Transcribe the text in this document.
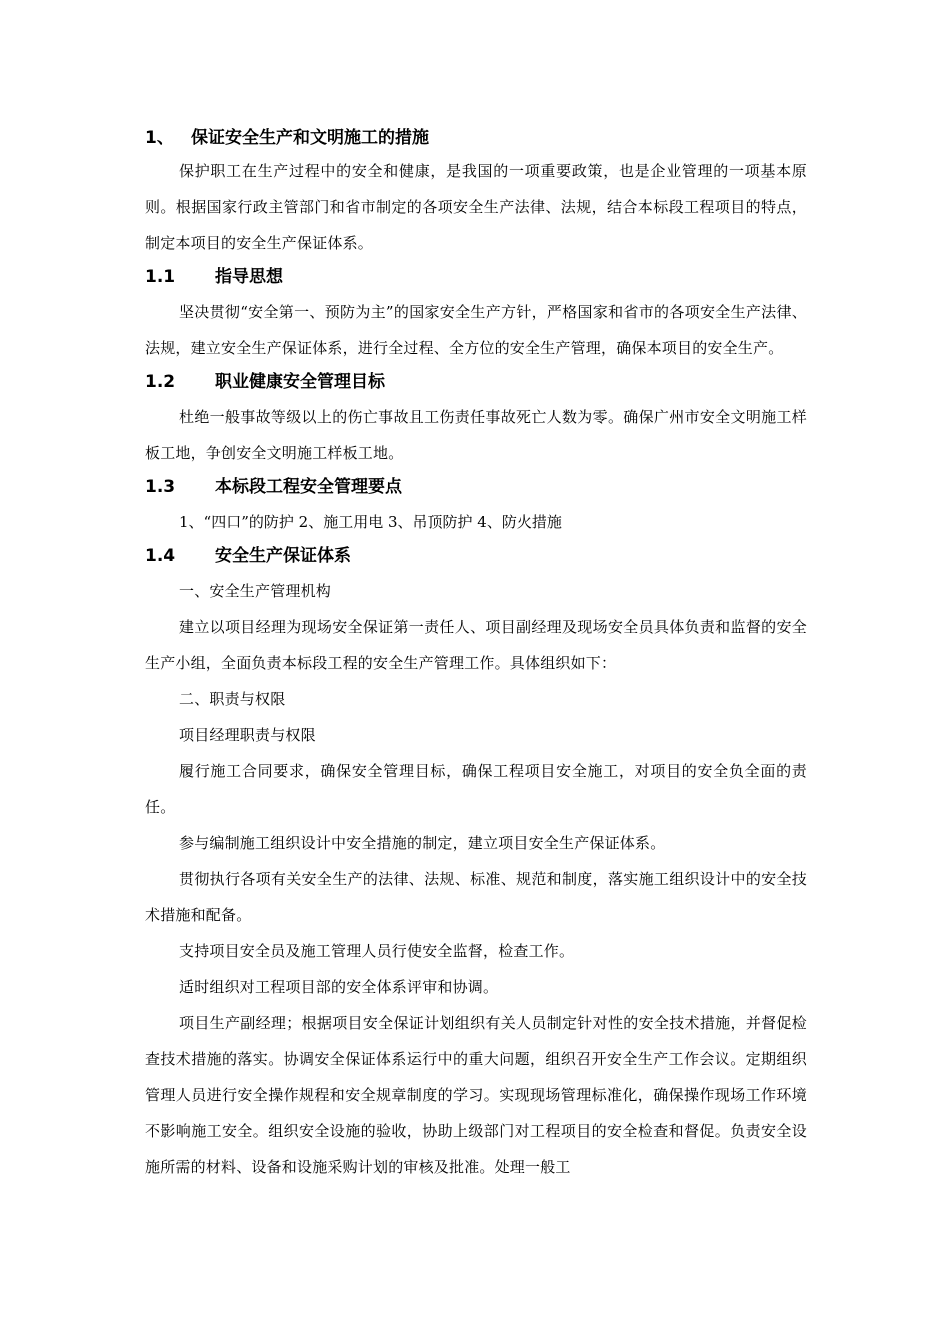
1、 保证安全生产和文明施工的措施

保护职工在生产过程中的安全和健康，是我国的一项重要政策，也是企业管理的一项基本原则。根据国家行政主管部门和省市制定的各项安全生产法律、法规，结合本标段工程项目的特点，制定本项目的安全生产保证体系。

1.1 指导思想

坚决贯彻“安全第一、预防为主”的国家安全生产方针，严格国家和省市的各项安全生产法律、法规，建立安全生产保证体系，进行全过程、全方位的安全生产管理，确保本项目的安全生产。

1.2 职业健康安全管理目标

杜绝一般事故等级以上的伤亡事故且工伤责任事故死亡人数为零。确保广州市安全文明施工样板工地，争创安全文明施工样板工地。

1.3 本标段工程安全管理要点

1、“四口”的防护 2、施工用电 3、吊顶防护 4、防火措施

1.4 安全生产保证体系

一、安全生产管理机构

建立以项目经理为现场安全保证第一责任人、项目副经理及现场安全员具体负责和监督的安全生产小组，全面负责本标段工程的安全生产管理工作。具体组织如下：

二、职责与权限

项目经理职责与权限

履行施工合同要求，确保安全管理目标，确保工程项目安全施工，对项目的安全负全面的责任。

参与编制施工组织设计中安全措施的制定，建立项目安全生产保证体系。

贯彻执行各项有关安全生产的法律、法规、标准、规范和制度，落实施工组织设计中的安全技术措施和配备。

支持项目安全员及施工管理人员行使安全监督，检查工作。

适时组织对工程项目部的安全体系评审和协调。

项目生产副经理；根据项目安全保证计划组织有关人员制定针对性的安全技术措施，并督促检查技术措施的落实。协调安全保证体系运行中的重大问题，组织召开安全生产工作会议。定期组织管理人员进行安全操作规程和安全规章制度的学习。实现现场管理标准化，确保操作现场工作环境不影响施工安全。组织安全设施的验收，协助上级部门对工程项目的安全检查和督促。负责安全设施所需的材料、设备和设施采购计划的审核及批准。处理一般工
